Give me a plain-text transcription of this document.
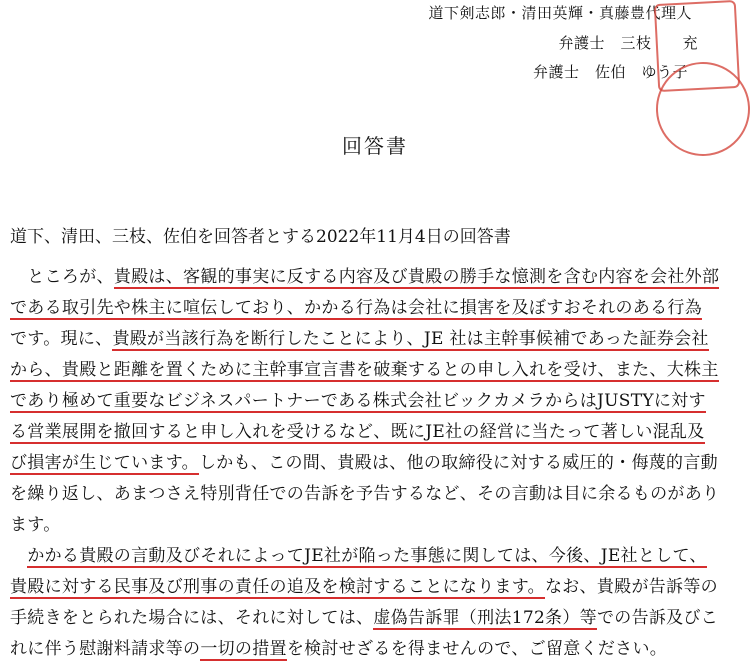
道下剣志郎・清田英輝・真藤豊代理人
弁護士　三枝　　充
弁護士　佐伯　ゆう子
回答書
道下、清田、三枝、佐伯を回答者とする2022年11月4日の回答書
　ところが、貴殿は、客観的事実に反する内容及び貴殿の勝手な憶測を含む内容を会社外部
である取引先や株主に喧伝しており、かかる行為は会社に損害を及ぼすおそれのある行為
です。現に、貴殿が当該行為を断行したことにより、JE 社は主幹事候補であった証券会社
から、貴殿と距離を置くために主幹事宣言書を破棄するとの申し入れを受け、また、大株主
であり極めて重要なビジネスパートナーである株式会社ビックカメラからはJUSTYに対す
る営業展開を撤回すると申し入れを受けるなど、既にJE社の経営に当たって著しい混乱及
び損害が生じています。しかも、この間、貴殿は、他の取締役に対する威圧的・侮蔑的言動
を繰り返し、あまつさえ特別背任での告訴を予告するなど、その言動は目に余るものがあり
ます。
　かかる貴殿の言動及びそれによってJE社が陥った事態に関しては、今後、JE社として、
貴殿に対する民事及び刑事の責任の追及を検討することになります。なお、貴殿が告訴等の
手続きをとられた場合には、それに対しては、虚偽告訴罪（刑法172条）等での告訴及びこ
れに伴う慰謝料請求等の一切の措置を検討せざるを得ませんので、ご留意ください。
